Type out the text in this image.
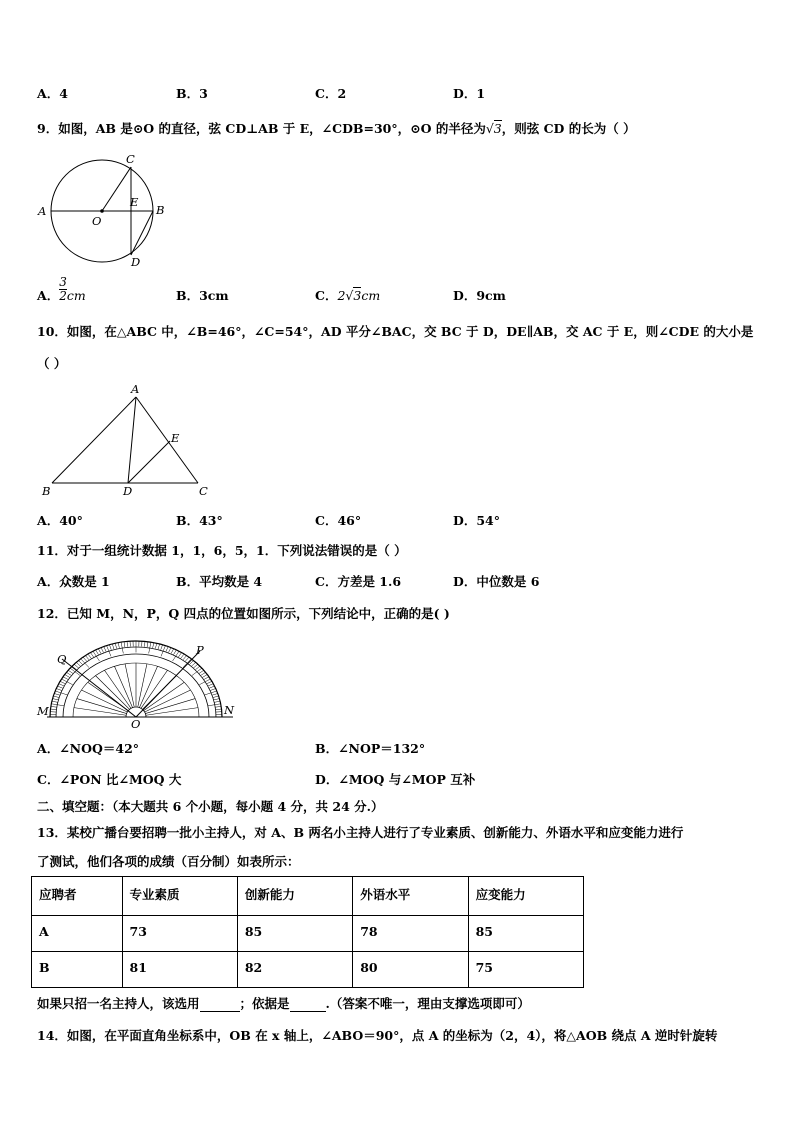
A．4	B．3	C．2	D．1
9．如图，AB 是⊙O 的直径，弦 CD⊥AB 于 E，∠CDB=30°，⊙O 的半径为√3，则弦 CD 的长为（ ）
C
A
O
E
B
D
A．$\frac{3}{2}cm$	B．3cm	C．2√3cm	D．9cm
10．如图，在△ABC 中，∠B=46°，∠C=54°，AD 平分∠BAC，交 BC 于 D，DE∥AB，交 AC 于 E，则∠CDE 的大小是
（ ）
A
E
B	D	C
A．40°	B．43°	C．46°	D．54°
11．对于一组统计数据 1，1，6，5，1．下列说法错误的是（ ）
A．众数是 1	B．平均数是 4	C．方差是 1.6	D．中位数是 6
12．已知 M，N，P，Q 四点的位置如图所示，下列结论中，正确的是( )
Q
P
M	N
O
A．∠NOQ＝42°	B．∠NOP＝132°
C．∠PON 比∠MOQ 大	D．∠MOQ 与∠MOP 互补
二、填空题：（本大题共 6 个小题，每小题 4 分，共 24 分.）
13．某校广播台要招聘一批小主持人，对 A、B 两名小主持人进行了专业素质、创新能力、外语水平和应变能力进行
了测试，他们各项的成绩（百分制）如表所示：
应聘者	专业素质	创新能力	外语水平	应变能力

A	73	85	78	85

B	81	82	80	75
如果只招一名主持人，该选用	；依据是	.（答案不唯一，理由支撑选项即可）
14．如图，在平面直角坐标系中，OB 在 x 轴上，∠ABO＝90°，点 A 的坐标为（2，4），将△AOB 绕点 A 逆时针旋转
